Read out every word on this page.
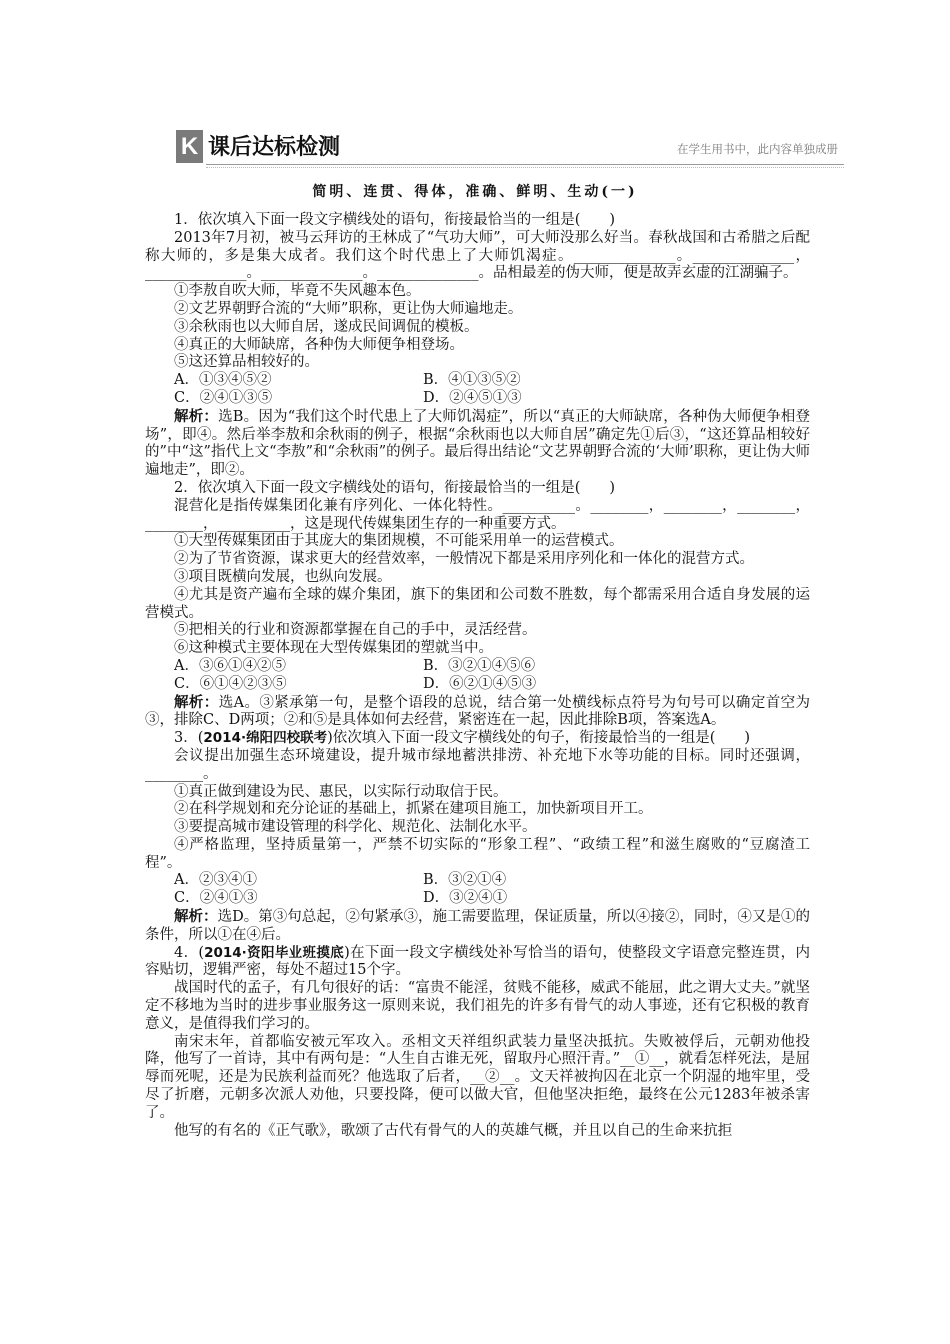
K 课后达标检测	在学生用书中，此内容单独成册
简明、连贯、得体，准确、鲜明、生动(一)

1．依次填入下面一段文字横线处的语句，衔接最恰当的一组是(　　)

2013年7月初，被马云拜访的王林成了“气功大师”，可大师没那么好当。春秋战国和古希腊之后配称大师的，多是集大成者。我们这个时代患上了大师饥渴症。______________。______________，______________。______________。______________。品相最差的伪大师，便是故弄玄虚的江湖骗子。

①李敖自吹大师，毕竟不失风趣本色。

②文艺界朝野合流的“大师”职称，更让伪大师遍地走。

③余秋雨也以大师自居，遂成民间调侃的模板。

④真正的大师缺席，各种伪大师便争相登场。

⑤这还算品相较好的。

A．①③④⑤②	B．④①③⑤②
C．②④①③⑤	D．②④⑤①③

解析：选B。因为“我们这个时代患上了大师饥渴症”，所以“真正的大师缺席，各种伪大师便争相登场”，即④。然后举李敖和余秋雨的例子，根据“余秋雨也以大师自居”确定先①后③，“这还算品相较好的”中“这”指代上文“李敖”和“余秋雨”的例子。最后得出结论“文艺界朝野合流的‘大师’职称，更让伪大师遍地走”，即②。

2．依次填入下面一段文字横线处的语句，衔接最恰当的一组是(　　)

混营化是指传媒集团化兼有序列化、一体化特性。__________。________，________，________，________，__________，这是现代传媒集团生存的一种重要方式。

①大型传媒集团由于其庞大的集团规模，不可能采用单一的运营模式。

②为了节省资源，谋求更大的经营效率，一般情况下都是采用序列化和一体化的混营方式。

③项目既横向发展，也纵向发展。

④尤其是资产遍布全球的媒介集团，旗下的集团和公司数不胜数，每个都需采用合适自身发展的运营模式。

⑤把相关的行业和资源都掌握在自己的手中，灵活经营。

⑥这种模式主要体现在大型传媒集团的塑就当中。

A．③⑥①④②⑤	B．③②①④⑤⑥
C．⑥①④②③⑤	D．⑥②①④⑤③

解析：选A。③紧承第一句，是整个语段的总说，结合第一处横线标点符号为句号可以确定首空为③，排除C、D两项；②和⑤是具体如何去经营，紧密连在一起，因此排除B项，答案选A。

3．(2014·绵阳四校联考)依次填入下面一段文字横线处的句子，衔接最恰当的一组是(　　)

会议提出加强生态环境建设，提升城市绿地蓄洪排涝、补充地下水等功能的目标。同时还强调，________。

①真正做到建设为民、惠民，以实际行动取信于民。

②在科学规划和充分论证的基础上，抓紧在建项目施工，加快新项目开工。

③要提高城市建设管理的科学化、规范化、法制化水平。

④严格监理，坚持质量第一，严禁不切实际的“形象工程”、“政绩工程”和滋生腐败的“豆腐渣工程”。

A．②③④①	B．③②①④
C．②④①③	D．③②④①

解析：选D。第③句总起，②句紧承③，施工需要监理，保证质量，所以④接②，同时，④又是①的条件，所以①在④后。

4．(2014·资阳毕业班摸底)在下面一段文字横线处补写恰当的语句，使整段文字语意完整连贯，内容贴切，逻辑严密，每处不超过15个字。

战国时代的孟子，有几句很好的话：“富贵不能淫，贫贱不能移，威武不能屈，此之谓大丈夫。”就坚定不移地为当时的进步事业服务这一原则来说，我们祖先的许多有骨气的动人事迹，还有它积极的教育意义，是值得我们学习的。

南宋末年，首都临安被元军攻入。丞相文天祥组织武装力量坚决抵抗。失败被俘后，元朝劝他投降，他写了一首诗，其中有两句是：“人生自古谁无死，留取丹心照汗青。”__①__，就看怎样死法，是屈辱而死呢，还是为民族利益而死？他选取了后者，__②__。文天祥被拘囚在北京一个阴湿的地牢里，受尽了折磨，元朝多次派人劝他，只要投降，便可以做大官，但他坚决拒绝，最终在公元1283年被杀害了。

他写的有名的《正气歌》，歌颂了古代有骨气的人的英雄气概，并且以自己的生命来抗拒
